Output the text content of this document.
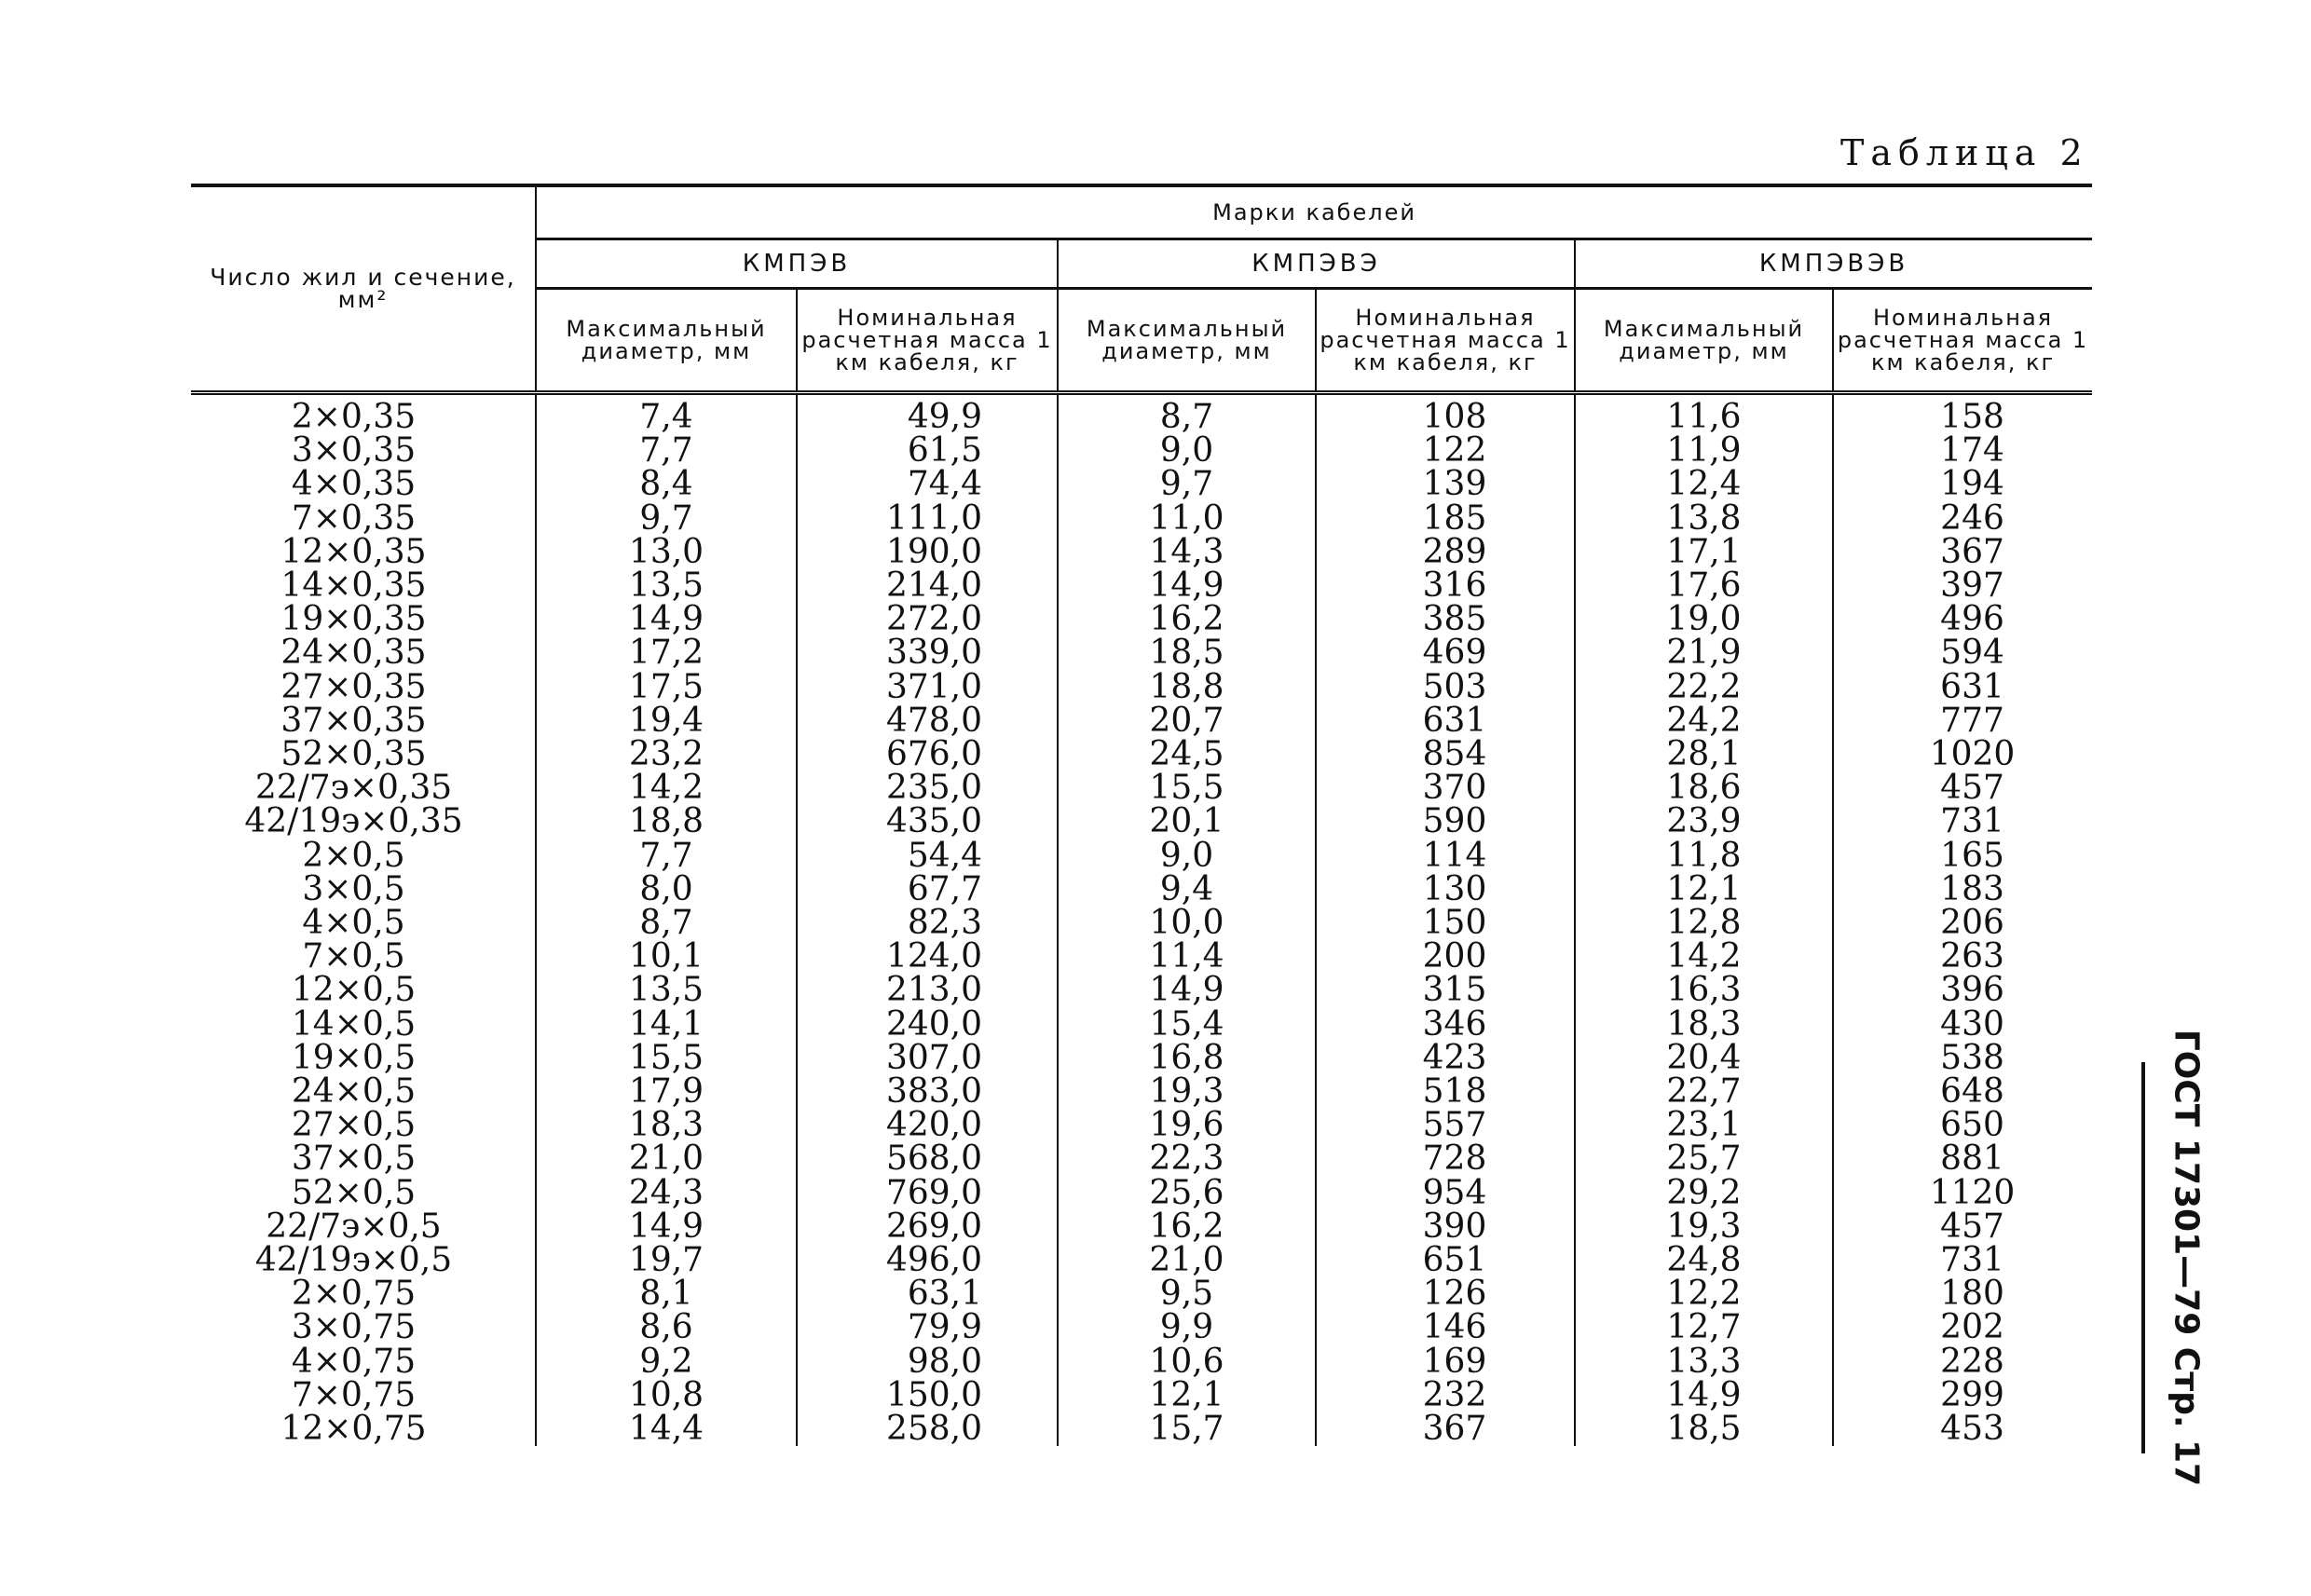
Таблица 2
Число жил и сечение, мм²	Марки кабелей					
	КМПЭВ		КМПЭВЭ		КМПЭВЭВ	
	Максимальный диаметр, мм	Номинальная расчетная масса 1 км кабеля, кг	Максимальный диаметр, мм	Номинальная расчетная масса 1 км кабеля, кг	Максимальный диаметр, мм	Номинальная расчетная масса 1 км кабеля, кг
2×0,35	7,4	49,9	8,7	108	11,6	158
3×0,35	7,7	61,5	9,0	122	11,9	174
4×0,35	8,4	74,4	9,7	139	12,4	194
7×0,35	9,7	111,0	11,0	185	13,8	246
12×0,35	13,0	190,0	14,3	289	17,1	367
14×0,35	13,5	214,0	14,9	316	17,6	397
19×0,35	14,9	272,0	16,2	385	19,0	496
24×0,35	17,2	339,0	18,5	469	21,9	594
27×0,35	17,5	371,0	18,8	503	22,2	631
37×0,35	19,4	478,0	20,7	631	24,2	777
52×0,35	23,2	676,0	24,5	854	28,1	1020
22/7э×0,35	14,2	235,0	15,5	370	18,6	457
42/19э×0,35	18,8	435,0	20,1	590	23,9	731
2×0,5	7,7	54,4	9,0	114	11,8	165
3×0,5	8,0	67,7	9,4	130	12,1	183
4×0,5	8,7	82,3	10,0	150	12,8	206
7×0,5	10,1	124,0	11,4	200	14,2	263
12×0,5	13,5	213,0	14,9	315	16,3	396
14×0,5	14,1	240,0	15,4	346	18,3	430
19×0,5	15,5	307,0	16,8	423	20,4	538
24×0,5	17,9	383,0	19,3	518	22,7	648
27×0,5	18,3	420,0	19,6	557	23,1	650
37×0,5	21,0	568,0	22,3	728	25,7	881
52×0,5	24,3	769,0	25,6	954	29,2	1120
22/7э×0,5	14,9	269,0	16,2	390	19,3	457
42/19э×0,5	19,7	496,0	21,0	651	24,8	731
2×0,75	8,1	63,1	9,5	126	12,2	180
3×0,75	8,6	79,9	9,9	146	12,7	202
4×0,75	9,2	98,0	10,6	169	13,3	228
7×0,75	10,8	150,0	12,1	232	14,9	299
12×0,75	14,4	258,0	15,7	367	18,5	453	ГОСТ 17301—79 Стр. 17
